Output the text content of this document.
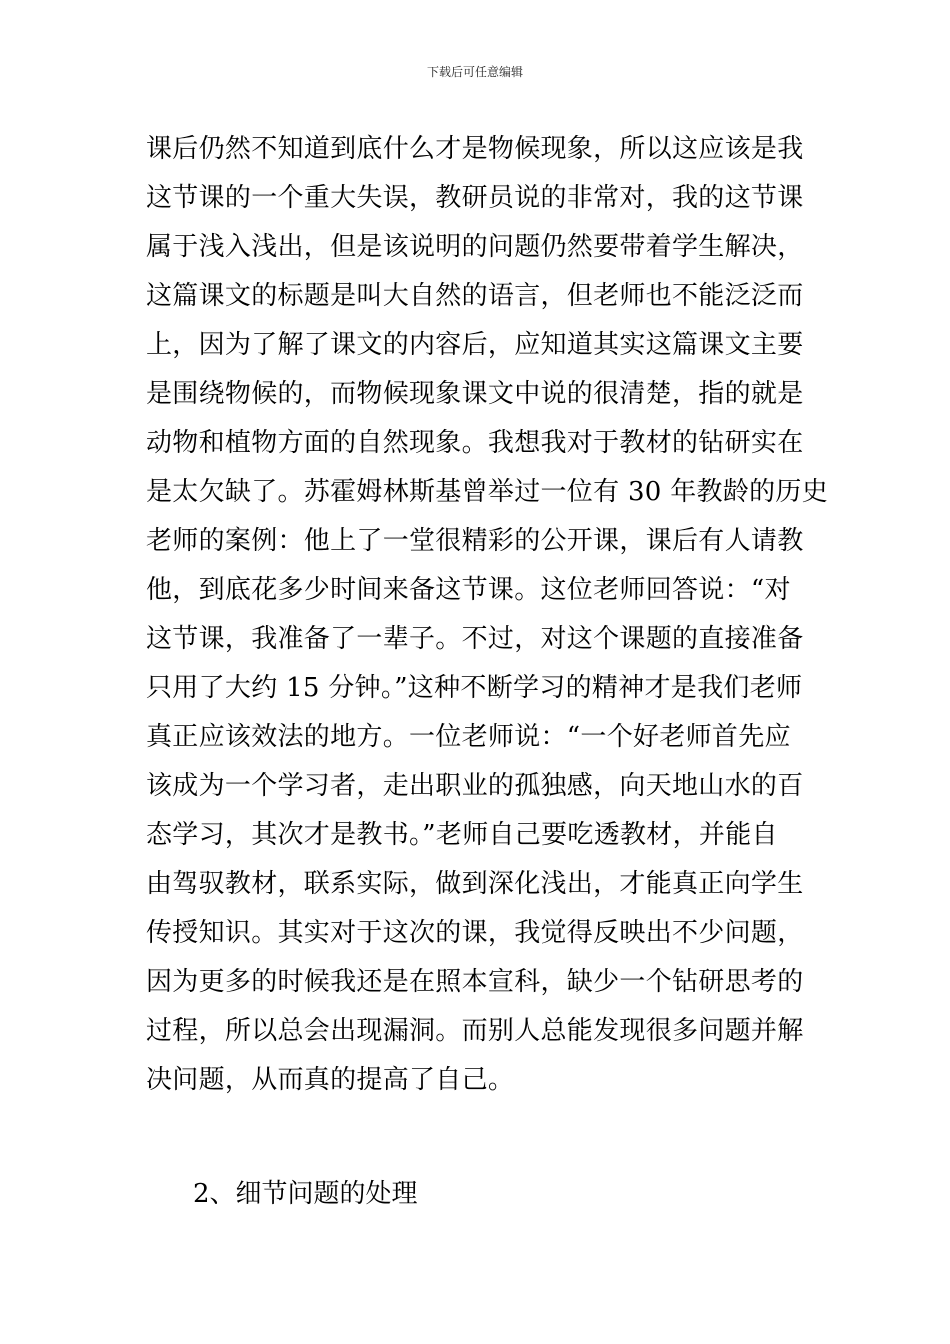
下载后可任意编辑
课后仍然不知道到底什么才是物候现象，所以这应该是我
这节课的一个重大失误，教研员说的非常对，我的这节课
属于浅入浅出，但是该说明的问题仍然要带着学生解决，
这篇课文的标题是叫大自然的语言，但老师也不能泛泛而
上，因为了解了课文的内容后，应知道其实这篇课文主要
是围绕物候的，而物候现象课文中说的很清楚，指的就是
动物和植物方面的自然现象。我想我对于教材的钻研实在
是太欠缺了。苏霍姆林斯基曾举过一位有 30 年教龄的历史
老师的案例：他上了一堂很精彩的公开课，课后有人请教
他，到底花多少时间来备这节课。这位老师回答说：“对
这节课，我准备了一辈子。不过，对这个课题的直接准备
只用了大约 15 分钟。”这种不断学习的精神才是我们老师
真正应该效法的地方。一位老师说：“一个好老师首先应
该成为一个学习者，走出职业的孤独感，向天地山水的百
态学习，其次才是教书。”老师自己要吃透教材，并能自
由驾驭教材，联系实际，做到深化浅出，才能真正向学生
传授知识。其实对于这次的课，我觉得反映出不少问题，
因为更多的时候我还是在照本宣科，缺少一个钻研思考的
过程，所以总会出现漏洞。而别人总能发现很多问题并解
决问题，从而真的提高了自己。
2、细节问题的处理
